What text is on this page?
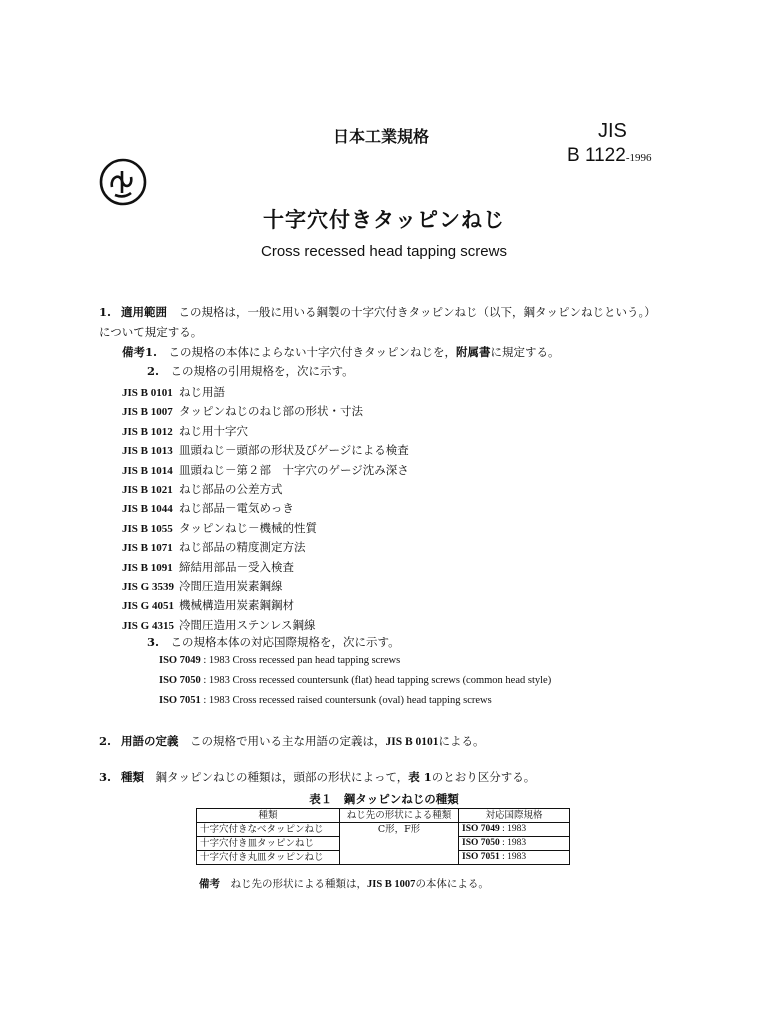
日本工業規格	JIS
B 1122-1996
十字穴付きタッピンねじ
Cross recessed head tapping screws
1. 適用範囲　 この規格は，一般に用いる鋼製の十字穴付きタッピンねじ（以下，鋼タッピンねじという。）
について規定する。
備考1.　 この規格の本体によらない十字穴付きタッピンねじを，附属書に規定する。
2.　 この規格の引用規格を，次に示す。
JIS B 0101 ねじ用語
JIS B 1007 タッピンねじのねじ部の形状・寸法
JIS B 1012 ねじ用十字穴
JIS B 1013 皿頭ねじ－頭部の形状及びゲージによる検査
JIS B 1014 皿頭ねじ－第２部　十字穴のゲージ沈み深さ
JIS B 1021 ねじ部品の公差方式
JIS B 1044 ねじ部品－電気めっき
JIS B 1055 タッピンねじ－機械的性質
JIS B 1071 ねじ部品の精度測定方法
JIS B 1091 締結用部品－受入検査
JIS G 3539 冷間圧造用炭素鋼線
JIS G 4051 機械構造用炭素鋼鋼材
JIS G 4315 冷間圧造用ステンレス鋼線
3.　 この規格本体の対応国際規格を，次に示す。
ISO 7049 : 1983 Cross recessed pan head tapping screws
ISO 7050 : 1983 Cross recessed countersunk (flat) head tapping screws (common head style)
ISO 7051 : 1983 Cross recessed raised countersunk (oval) head tapping screws
2. 用語の定義　 この規格で用いる主な用語の定義は，JIS B 0101による。
3. 種類　 鋼タッピンねじの種類は，頭部の形状によって，表 1のとおり区分する。
表１　鋼タッピンねじの種類
種類	ねじ先の形状による種類	対応国際規格
十字穴付きなべタッピンねじ	C形，F形	ISO 7049 : 1983
十字穴付き皿タッピンねじ		ISO 7050 : 1983
十字穴付き丸皿タッピンねじ		ISO 7051 : 1983
備考　 ねじ先の形状による種類は，JIS B 1007の本体による。
